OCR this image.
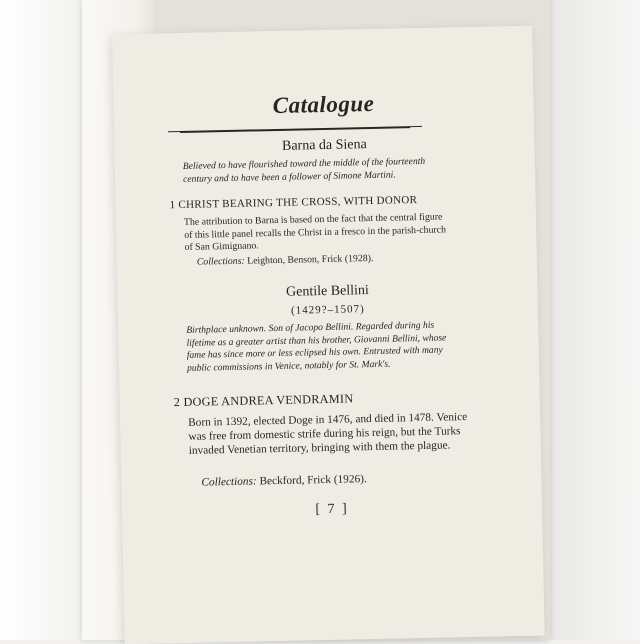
Catalogue
Barna da Siena
Believed to have flourished toward the middle of the fourteenth century and to have been a follower of Simone Martini.
1 CHRIST BEARING THE CROSS, WITH DONOR
The attribution to Barna is based on the fact that the central figure of this little panel recalls the Christ in a fresco in the parish-church of San Gimignano.
Collections: Leighton, Benson, Frick (1928).
Gentile Bellini
(1429?–1507)
Birthplace unknown. Son of Jacopo Bellini. Regarded during his lifetime as a greater artist than his brother, Giovanni Bellini, whose fame has since more or less eclipsed his own. Entrusted with many public commissions in Venice, notably for St. Mark's.
2 DOGE ANDREA VENDRAMIN
Born in 1392, elected Doge in 1476, and died in 1478. Venice was free from domestic strife during his reign, but the Turks invaded Venetian territory, bringing with them the plague.
Collections: Beckford, Frick (1926).
[ 7 ]
